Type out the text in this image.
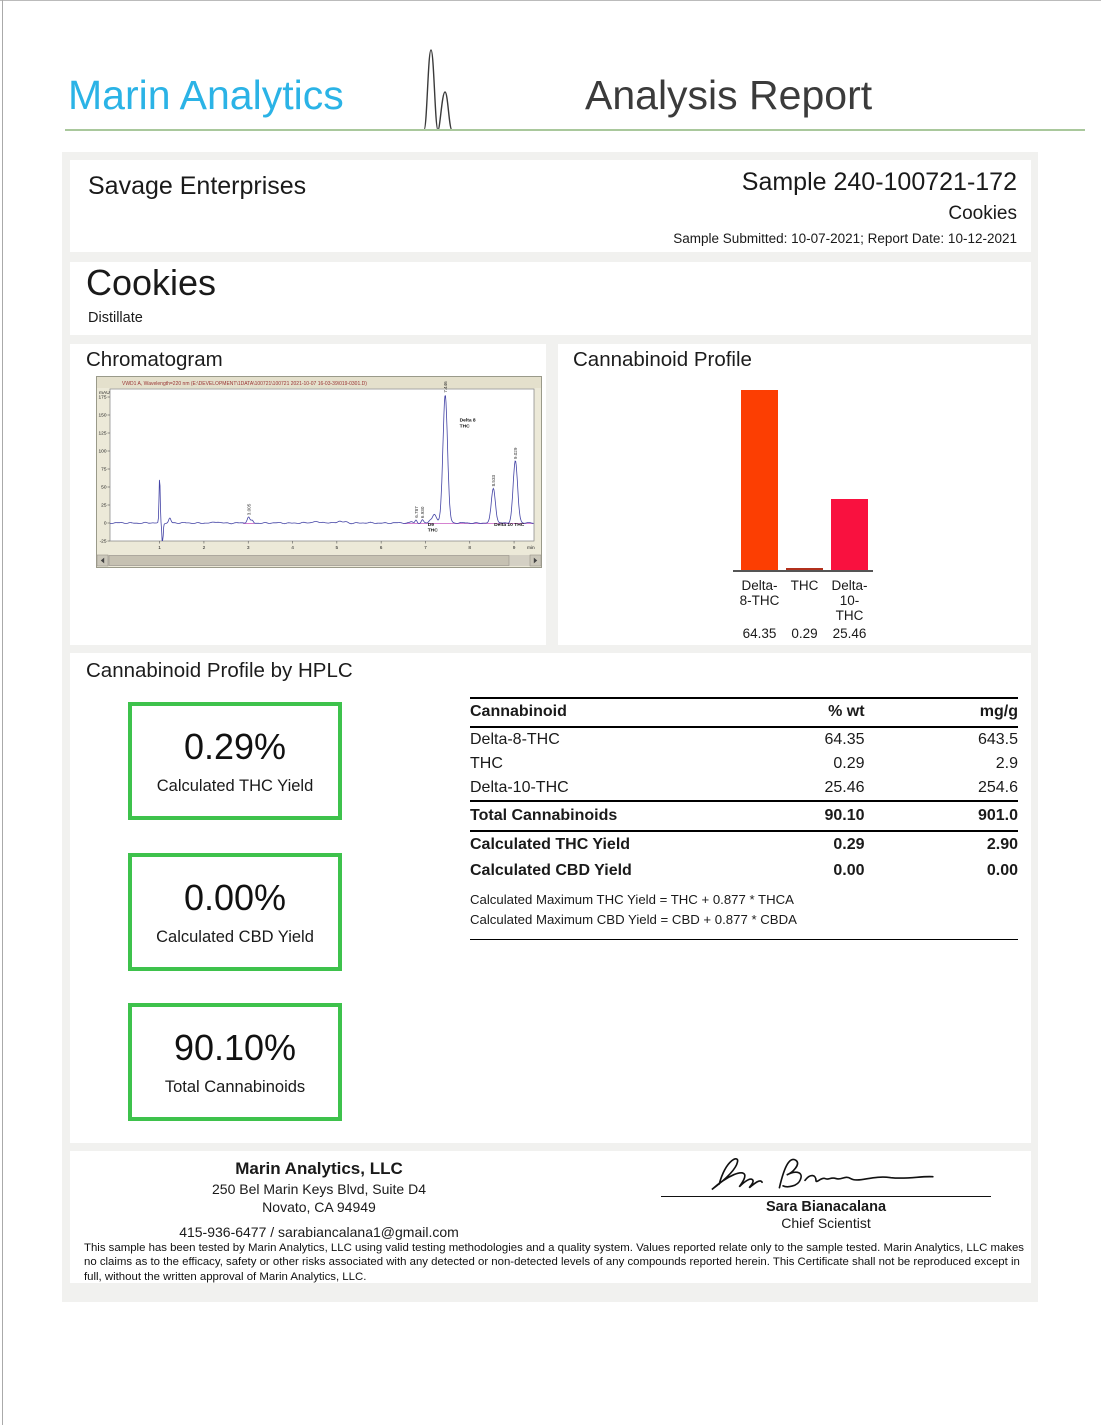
Marin Analytics	Analysis Report
Savage Enterprises	Sample 240-100721-172
Cookies
Sample Submitted: 10-07-2021; Report Date: 10-12-2021
Cookies
Distillate
Chromatogram
VWD1 A, Wavelength=220 nm (E:\DEVELOPMENT\1DATA\100721\100721 2021-10-07 16-03-39\019-0301.D)
mAU
175
150
125
100
75
50
25
0
-25
1	2	3	4	5	6	7	8	9 min
3.005	6.787 6.930
7.446
8.533
9.029
Delta 8
THC
D9
THC
Delta 10 THC
Cannabinoid Profile
Delta-
8-THC
64.35
THC
0.29
Delta-
10-
THC
25.46
Cannabinoid Profile by HPLC
0.29%
Calculated THC Yield
0.00%
Calculated CBD Yield
90.10%
Total Cannabinoids
Cannabinoid	% wt	mg/g
Delta-8-THC	64.35	643.5
THC	0.29	2.9
Delta-10-THC	25.46	254.6
Total Cannabinoids	90.10	901.0
Calculated THC Yield	0.29	2.90
Calculated CBD Yield	0.00	0.00
Calculated Maximum THC Yield = THC + 0.877 * THCA
Calculated Maximum CBD Yield = CBD + 0.877 * CBDA
Marin Analytics, LLC
250 Bel Marin Keys Blvd, Suite D4
Novato, CA 94949
415-936-6477 / sarabiancalana1@gmail.com
Sara Bianacalana
Chief Scientist
This sample has been tested by Marin Analytics, LLC using valid testing methodologies and a quality system. Values reported relate only to the sample tested. Marin Analytics, LLC makes no claims as to the efficacy, safety or other risks associated with any detected or non-detected levels of any compounds reported herein. This Certificate shall not be reproduced except in full, without the written approval of Marin Analytics, LLC.
